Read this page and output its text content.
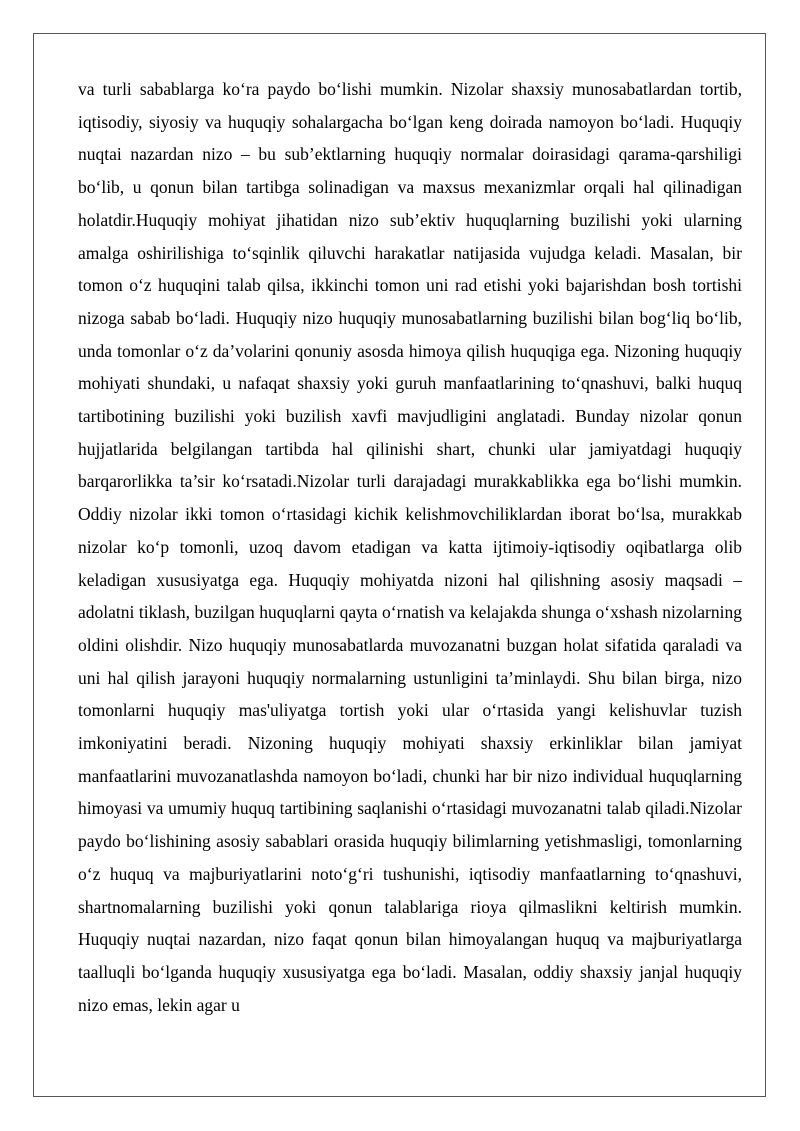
va turli sabablarga ko‘ra paydo bo‘lishi mumkin. Nizolar shaxsiy munosabatlardan tortib, iqtisodiy, siyosiy va huquqiy sohalargacha bo‘lgan keng doirada namoyon bo‘ladi. Huquqiy nuqtai nazardan nizo – bu sub’ektlarning huquqiy normalar doirasidagi qarama-qarshiligi bo‘lib, u qonun bilan tartibga solinadigan va maxsus mexanizmlar orqali hal qilinadigan holatdir.Huquqiy mohiyat jihatidan nizo sub’ektiv huquqlarning buzilishi yoki ularning amalga oshirilishiga to‘sqinlik qiluvchi harakatlar natijasida vujudga keladi. Masalan, bir tomon o‘z huquqini talab qilsa, ikkinchi tomon uni rad etishi yoki bajarishdan bosh tortishi nizoga sabab bo‘ladi. Huquqiy nizo huquqiy munosabatlarning buzilishi bilan bog‘liq bo‘lib, unda tomonlar o‘z da’volarini qonuniy asosda himoya qilish huquqiga ega. Nizoning huquqiy mohiyati shundaki, u nafaqat shaxsiy yoki guruh manfaatlarining to‘qnashuvi, balki huquq tartibotining buzilishi yoki buzilish xavfi mavjudligini anglatadi. Bunday nizolar qonun hujjatlarida belgilangan tartibda hal qilinishi shart, chunki ular jamiyatdagi huquqiy barqarorlikka ta’sir ko‘rsatadi.Nizolar turli darajadagi murakkablikka ega bo‘lishi mumkin. Oddiy nizolar ikki tomon o‘rtasidagi kichik kelishmovchiliklardan iborat bo‘lsa, murakkab nizolar ko‘p tomonli, uzoq davom etadigan va katta ijtimoiy-iqtisodiy oqibatlarga olib keladigan xususiyatga ega. Huquqiy mohiyatda nizoni hal qilishning asosiy maqsadi – adolatni tiklash, buzilgan huquqlarni qayta o‘rnatish va kelajakda shunga o‘xshash nizolarning oldini olishdir. Nizo huquqiy munosabatlarda muvozanatni buzgan holat sifatida qaraladi va uni hal qilish jarayoni huquqiy normalarning ustunligini ta’minlaydi. Shu bilan birga, nizo tomonlarni huquqiy mas'uliyatga tortish yoki ular o‘rtasida yangi kelishuvlar tuzish imkoniyatini beradi. Nizoning huquqiy mohiyati shaxsiy erkinliklar bilan jamiyat manfaatlarini muvozanatlashda namoyon bo‘ladi, chunki har bir nizo individual huquqlarning himoyasi va umumiy huquq tartibining saqlanishi o‘rtasidagi muvozanatni talab qiladi.Nizolar paydo bo‘lishining asosiy sabablari orasida huquqiy bilimlarning yetishmasligi, tomonlarning o‘z huquq va majburiyatlarini noto‘g‘ri tushunishi, iqtisodiy manfaatlarning to‘qnashuvi, shartnomalarning buzilishi yoki qonun talablariga rioya qilmaslikni keltirish mumkin. Huquqiy nuqtai nazardan, nizo faqat qonun bilan himoyalangan huquq va majburiyatlarga taalluqli bo‘lganda huquqiy xususiyatga ega bo‘ladi. Masalan, oddiy shaxsiy janjal huquqiy nizo emas, lekin agar u
